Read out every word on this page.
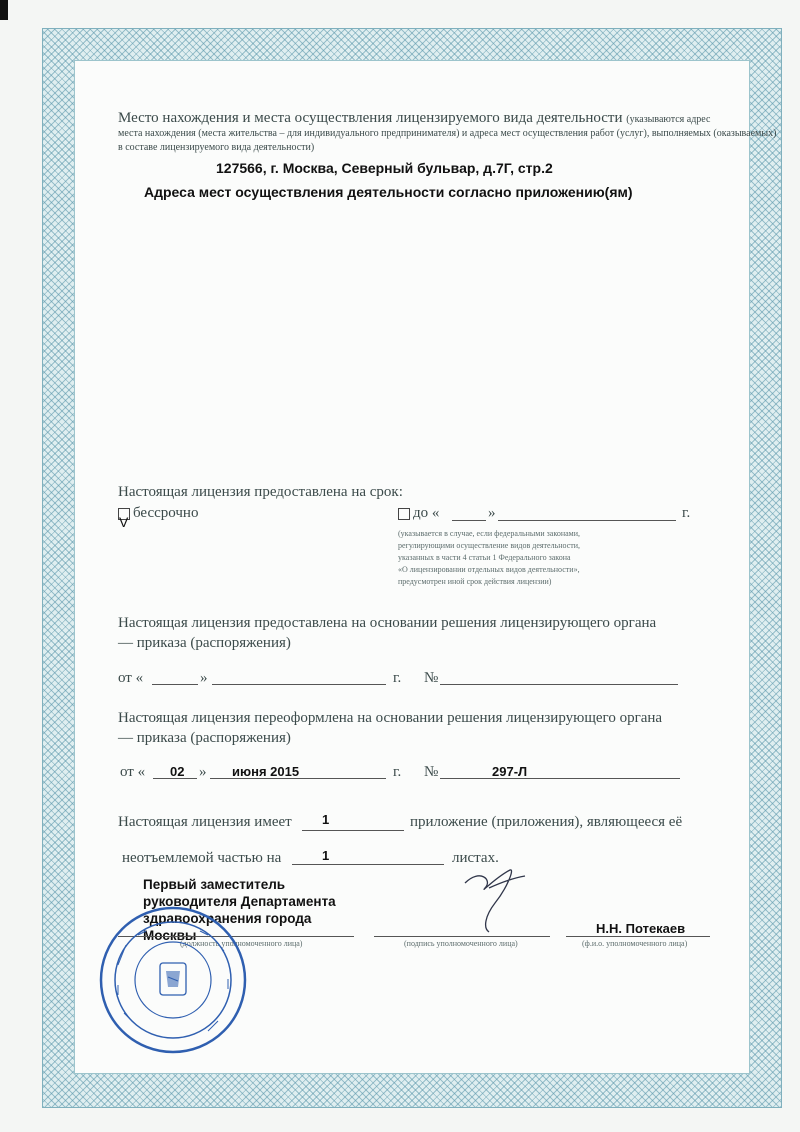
Место нахождения и места осуществления лицензируемого вида деятельности (указываются адрес
места нахождения (места жительства – для индивидуального предпринимателя) и адреса мест осуществления работ (услуг), выполняемых (оказываемых)
в составе лицензируемого вида деятельности)
127566, г. Москва, Северный бульвар, д.7Г, стр.2
Адреса мест осуществления деятельности согласно приложению(ям)
Настоящая лицензия предоставлена на срок:
бессрочно
V
до «	»	г.
(указывается в случае, если федеральными законами,
регулирующими осуществление видов деятельности,
указанных в части 4 статьи 1 Федерального закона
«О лицензировании отдельных видов деятельности»,
предусмотрен иной срок действия лицензии)
Настоящая лицензия предоставлена на основании решения лицензирующего органа
— приказа (распоряжения)
от «	»	г. №
Настоящая лицензия переоформлена на основании решения лицензирующего органа
— приказа (распоряжения)
от « 02 » июня 2015	г. №	297-Л
Настоящая лицензия имеет 1	приложение (приложения), являющееся её
неотъемлемой частью на	1	листах.
Первый заместитель
руководителя Департамента
здравоохранения города
Москвы
(должность уполномоченного лица)	(подпись уполномоченного лица)
Н.Н. Потекаев
(ф.и.о. уполномоченного лица)
